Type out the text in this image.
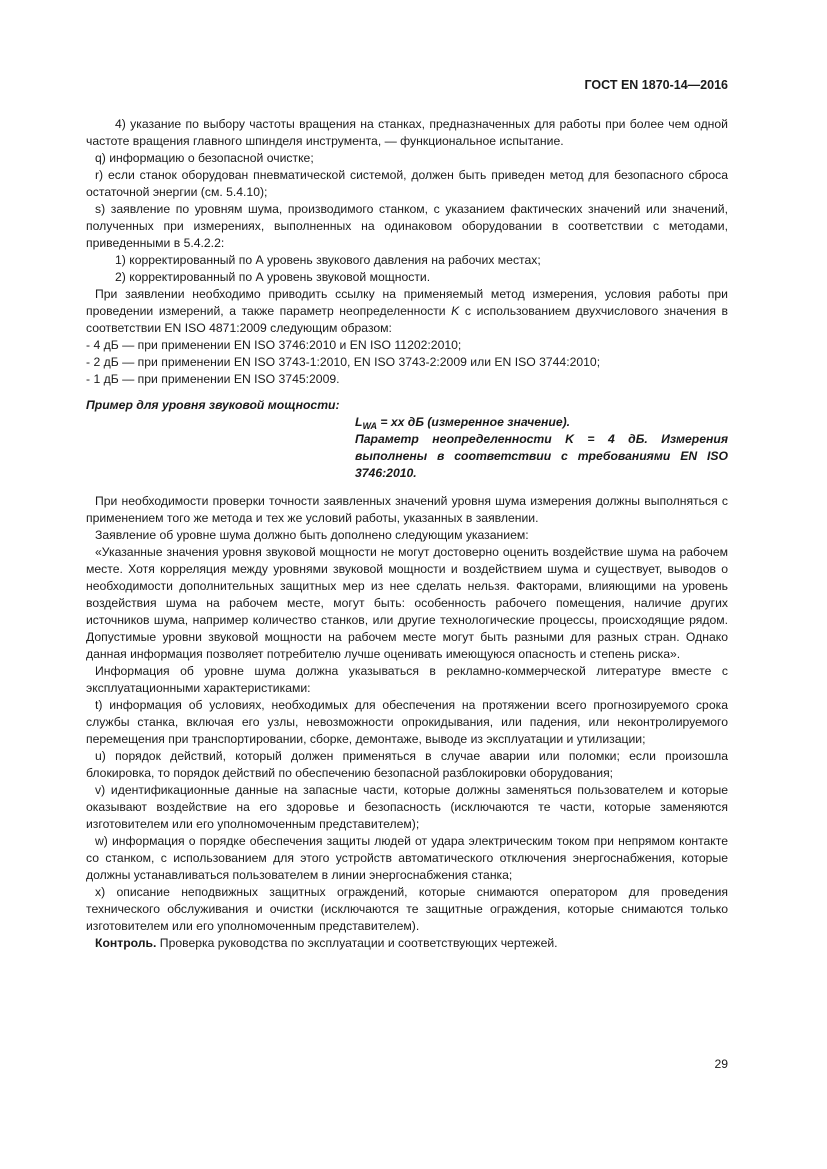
ГОСТ EN 1870-14—2016

4) указание по выбору частоты вращения на станках, предназначенных для работы при более чем одной частоте вращения главного шпинделя инструмента, — функциональное испытание.

q) информацию о безопасной очистке;

r) если станок оборудован пневматической системой, должен быть приведен метод для безопасного сброса остаточной энергии (см. 5.4.10);

s) заявление по уровням шума, производимого станком, с указанием фактических значений или значений, полученных при измерениях, выполненных на одинаковом оборудовании в соответствии с методами, приведенными в 5.4.2.2:

1) корректированный по А уровень звукового давления на рабочих местах;

2) корректированный по А уровень звуковой мощности.

При заявлении необходимо приводить ссылку на применяемый метод измерения, условия работы при проведении измерений, а также параметр неопределенности K с использованием двухчислового значения в соответствии EN ISO 4871:2009 следующим образом:

- 4 дБ — при применении EN ISO 3746:2010 и EN ISO 11202:2010;

- 2 дБ — при применении EN ISO 3743-1:2010, EN ISO 3743-2:2009 или EN ISO 3744:2010;

- 1 дБ — при применении EN ISO 3745:2009.

Пример для уровня звуковой мощности:

$L_{WA}$ = xx дБ (измеренное значение).

Параметр неопределенности K = 4 дБ. Измерения выполнены в соответствии с требованиями EN ISO 3746:2010.

При необходимости проверки точности заявленных значений уровня шума измерения должны выполняться с применением того же метода и тех же условий работы, указанных в заявлении.

Заявление об уровне шума должно быть дополнено следующим указанием:

«Указанные значения уровня звуковой мощности не могут достоверно оценить воздействие шума на рабочем месте. Хотя корреляция между уровнями звуковой мощности и воздействием шума и существует, выводов о необходимости дополнительных защитных мер из нее сделать нельзя. Факторами, влияющими на уровень воздействия шума на рабочем месте, могут быть: особенность рабочего помещения, наличие других источников шума, например количество станков, или другие технологические процессы, происходящие рядом. Допустимые уровни звуковой мощности на рабочем месте могут быть разными для разных стран. Однако данная информация позволяет потребителю лучше оценивать имеющуюся опасность и степень риска».

Информация об уровне шума должна указываться в рекламно-коммерческой литературе вместе с эксплуатационными характеристиками:

t) информация об условиях, необходимых для обеспечения на протяжении всего прогнозируемого срока службы станка, включая его узлы, невозможности опрокидывания, или падения, или неконтролируемого перемещения при транспортировании, сборке, демонтаже, выводе из эксплуатации и утилизации;

u) порядок действий, который должен применяться в случае аварии или поломки; если произошла блокировка, то порядок действий по обеспечению безопасной разблокировки оборудования;

v) идентификационные данные на запасные части, которые должны заменяться пользователем и которые оказывают воздействие на его здоровье и безопасность (исключаются те части, которые заменяются изготовителем или его уполномоченным представителем);

w) информация о порядке обеспечения защиты людей от удара электрическим током при непрямом контакте со станком, с использованием для этого устройств автоматического отключения энергоснабжения, которые должны устанавливаться пользователем в линии энергоснабжения станка;

x) описание неподвижных защитных ограждений, которые снимаются оператором для проведения технического обслуживания и очистки (исключаются те защитные ограждения, которые снимаются только изготовителем или его уполномоченным представителем).

Контроль. Проверка руководства по эксплуатации и соответствующих чертежей.

29
